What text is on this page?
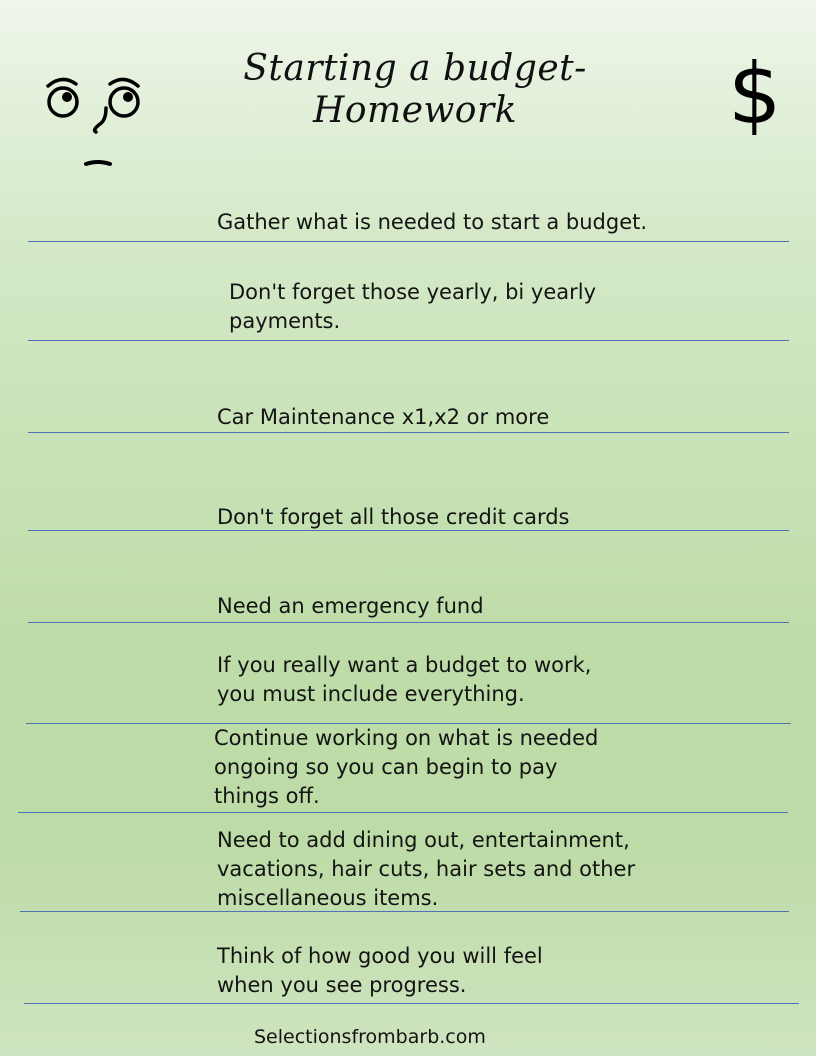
Starting a budget-
Homework	$

Gather what is needed to start a budget.

Don't forget those yearly, bi yearly
payments.

Car Maintenance x1,x2 or more

Don't forget all those credit cards

Need an emergency fund

If you really want a budget to work,
you must include everything.

Continue working on what is needed
ongoing so you can begin to pay
things off.

Need to add dining out, entertainment,
vacations, hair cuts, hair sets and other
miscellaneous items.

Think of how good you will feel
when you see progress.

Selectionsfrombarb.com
